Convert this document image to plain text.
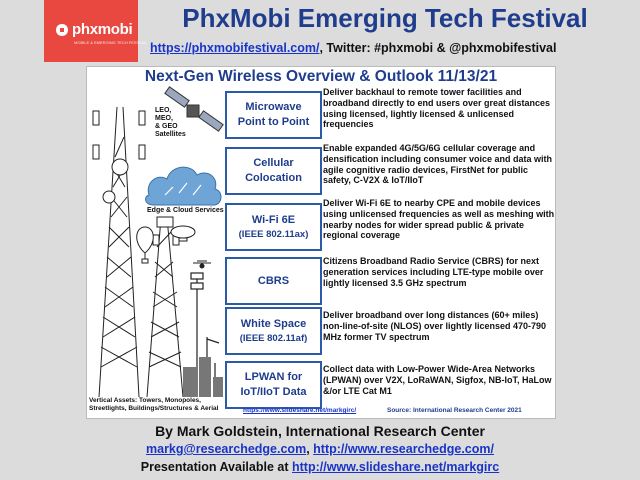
phxmobi
MOBILE & EMERGING TECH FESTIVAL
PhxMobi Emerging Tech Festival
https://phxmobifestival.com/, Twitter: #phxmobi & @phxmobifestival
Next-Gen Wireless Overview & Outlook 11/13/21
LEO,
MEO,
& GEO
Satellites
Edge & Cloud Services
Microwave
Point to Point
Deliver backhaul to remote tower facilities and broadband directly to end users over great distances using licensed, lightly licensed & unlicensed frequencies
Cellular
Colocation
Enable expanded 4G/5G/6G cellular coverage and densification including consumer voice and data with agile cognitive radio devices, FirstNet for public safety, C-V2X & IoT/IIoT
Wi-Fi 6E
(IEEE 802.11ax)
Deliver Wi-Fi 6E to nearby CPE and mobile devices using unlicensed frequencies as well as meshing with nearby nodes for wider spread public & private regional coverage
CBRS
Citizens Broadband Radio Service (CBRS) for next generation services including LTE-type mobile over lightly licensed 3.5 GHz spectrum
White Space
(IEEE 802.11af)
Deliver broadband over long distances (60+ miles) non-line-of-site (NLOS) over lightly licensed 470-790 MHz former TV spectrum
LPWAN for
IoT/IIoT Data
Collect data with Low-Power Wide-Area Networks (LPWAN) over V2X, LoRaWAN, Sigfox, NB-IoT, HaLow &/or LTE Cat M1
Vertical Assets: Towers, Monopoles, Streetlights, Buildings/Structures & Aerial	https://www.slideshare.net/markgirc/	Source: International Research Center 2021
By Mark Goldstein, International Research Center
markg@researchedge.com, http://www.researchedge.com/
Presentation Available at http://www.slideshare.net/markgirc
